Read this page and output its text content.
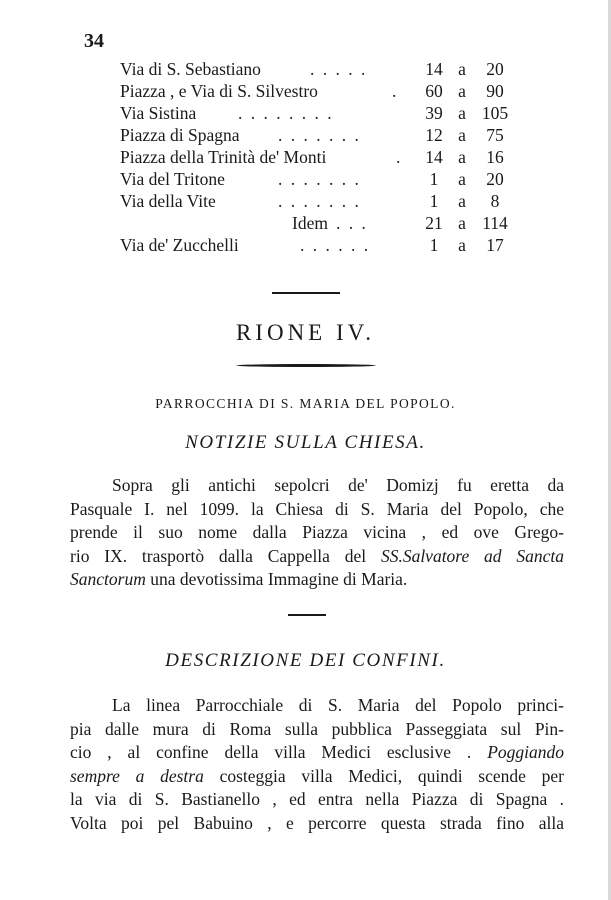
34
Via di S. Sebastiano	. . . . .	14 a	20
Piazza , e Via di S. Silvestro	.	60 a	90
Via Sistina . . . . . . . .	39 a 105
Piazza di Spagna . . . . . . .	12 a	75
Piazza della Trinità de' Monti	.	14 a	16
Via del Tritone	. . . . . . .	1	a	20
Via della Vite	. . . . . . .	1	a	8
Idem . . .	21 a 114
Via de' Zucchelli	. . . . . .	1	a	17
RIONE IV.
PARROCCHIA DI S. MARIA DEL POPOLO.
NOTIZIE SULLA CHIESA.
Sopra gli antichi sepolcri de' Domizj fu eretta da
Pasquale I. nel 1099. la Chiesa di S. Maria del Popolo, che
prende il suo nome dalla Piazza vicina , ed ove Grego-
rio IX. trasportò dalla Cappella del SS.Salvatore ad Sancta
Sanctorum una devotissima Immagine di Maria.
DESCRIZIONE DEI CONFINI.
La linea Parrocchiale di S. Maria del Popolo princi-
pia dalle mura di Roma sulla pubblica Passeggiata sul Pin-
cio , al confine della villa Medici esclusive . Poggiando
sempre a destra costeggia villa Medici, quindi scende per
la via di S. Bastianello , ed entra nella Piazza di Spagna .
Volta poi pel Babuino , e percorre questa strada fino alla
